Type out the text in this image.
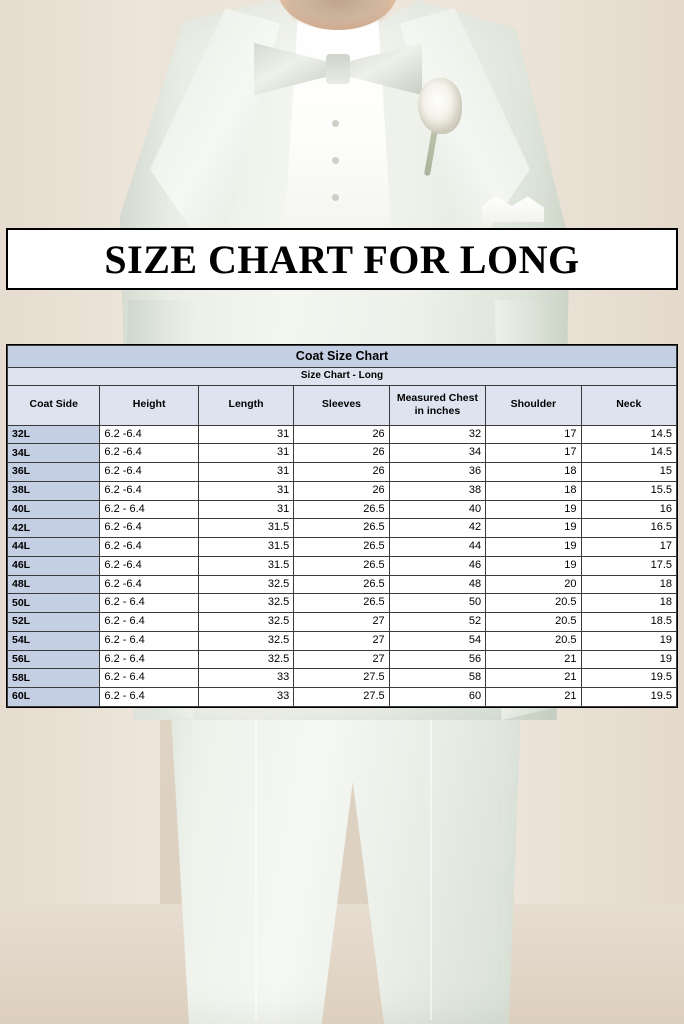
SIZE CHART FOR LONG
Coat Size Chart						
Size Chart - Long						
Coat Side	Height	Length	Sleeves	Measured Chest in inches	Shoulder	Neck
32L	6.2 -6.4	31	26	32	17	14.5
34L	6.2 -6.4	31	26	34	17	14.5
36L	6.2 -6.4	31	26	36	18	15
38L	6.2 -6.4	31	26	38	18	15.5
40L	6.2 - 6.4	31	26.5	40	19	16
42L	6.2 -6.4	31.5	26.5	42	19	16.5
44L	6.2 -6.4	31.5	26.5	44	19	17
46L	6.2 -6.4	31.5	26.5	46	19	17.5
48L	6.2 -6.4	32.5	26.5	48	20	18
50L	6.2 - 6.4	32.5	26.5	50	20.5	18
52L	6.2 - 6.4	32.5	27	52	20.5	18.5
54L	6.2 - 6.4	32.5	27	54	20.5	19
56L	6.2 - 6.4	32.5	27	56	21	19
58L	6.2 - 6.4	33	27.5	58	21	19.5
60L	6.2 - 6.4	33	27.5	60	21	19.5
